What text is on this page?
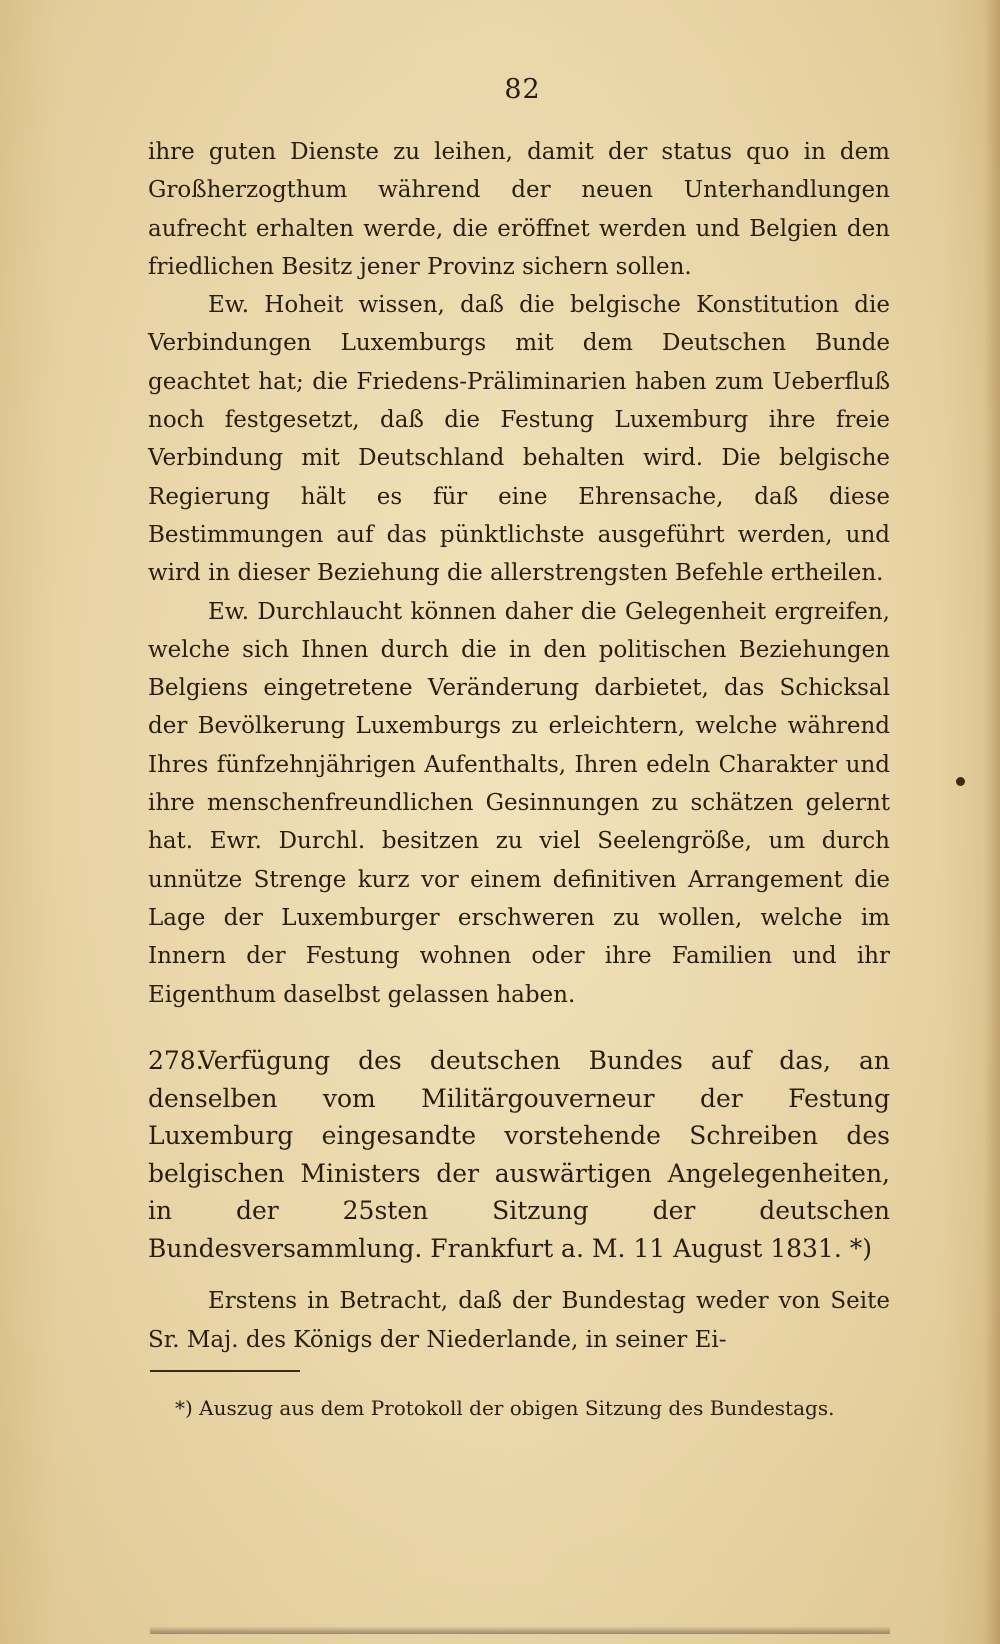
82

ihre guten Dienste zu leihen, damit der status quo in dem Großherzogthum während der neuen Unterhandlungen aufrecht erhalten werde, die eröffnet werden und Belgien den friedlichen Besitz jener Provinz sichern sollen.

Ew. Hoheit wissen, daß die belgische Konstitution die Verbindungen Luxemburgs mit dem Deutschen Bunde geachtet hat; die Friedens-Präliminarien haben zum Ueberfluß noch festgesetzt, daß die Festung Luxemburg ihre freie Verbindung mit Deutschland behalten wird. Die belgische Regierung hält es für eine Ehrensache, daß diese Bestimmungen auf das pünktlichste ausgeführt werden, und wird in dieser Beziehung die allerstrengsten Befehle ertheilen.

Ew. Durchlaucht können daher die Gelegenheit ergreifen, welche sich Ihnen durch die in den politischen Beziehungen Belgiens eingetretene Veränderung darbietet, das Schicksal der Bevölkerung Luxemburgs zu erleichtern, welche während Ihres fünfzehnjährigen Aufenthalts, Ihren edeln Charakter und ihre menschenfreundlichen Gesinnungen zu schätzen gelernt hat. Ewr. Durchl. besitzen zu viel Seelengröße, um durch unnütze Strenge kurz vor einem definitiven Arrangement die Lage der Luxemburger erschweren zu wollen, welche im Innern der Festung wohnen oder ihre Familien und ihr Eigenthum daselbst gelassen haben.

278.Verfügung des deutschen Bundes auf das, an denselben vom Militärgouverneur der Festung Luxemburg eingesandte vorstehende Schreiben des belgischen Ministers der auswärtigen Angelegenheiten, in der 25sten Sitzung der deutschen Bundesversammlung. Frankfurt a. M. 11 August 1831. *)
Erstens in Betracht, daß der Bundestag weder von Seite Sr. Maj. des Königs der Niederlande, in seiner Ei-
*) Auszug aus dem Protokoll der obigen Sitzung des Bundestags.
